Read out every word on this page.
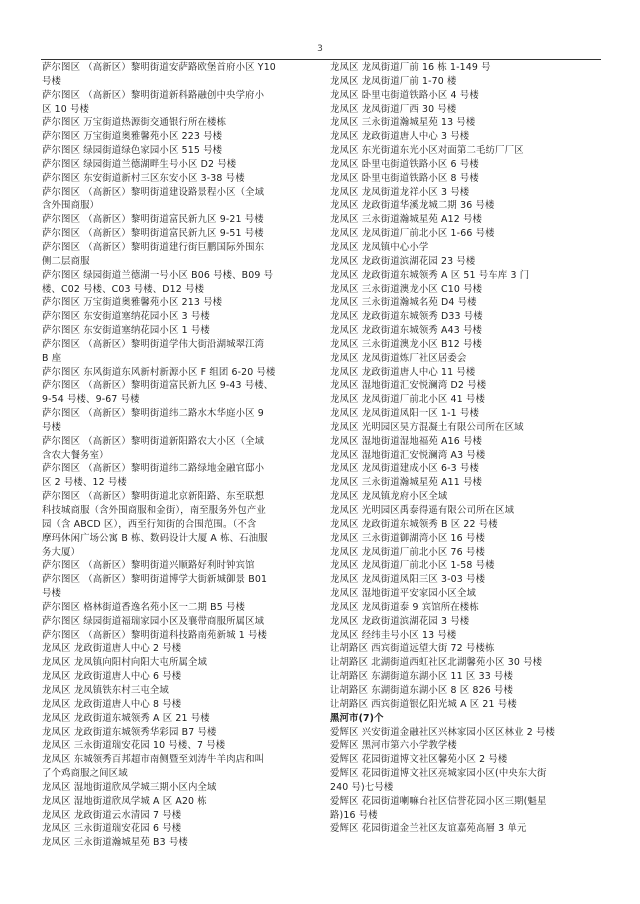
3
萨尔图区 （高新区）黎明街道安萨路欧堡首府小区 Y10
号楼
萨尔图区 （高新区）黎明街道新科路融创中央学府小
区 10 号楼
萨尔图区 万宝街道热源街交通银行所在楼栋
萨尔图区 万宝街道奥雅馨苑小区 223 号楼
萨尔图区 绿园街道绿色家园小区 515 号楼
萨尔图区 绿园街道兰德湖畔生号小区 D2 号楼
萨尔图区 东安街道新村三区东安小区 3-38 号楼
萨尔图区 （高新区）黎明街道建设路景程小区（全域
含外围商服）
萨尔图区 （高新区）黎明街道富民新九区 9-21 号楼
萨尔图区 （高新区）黎明街道富民新九区 9-51 号楼
萨尔图区 （高新区）黎明街道建行街巨鹏国际外围东
侧二层商服
萨尔图区 绿园街道兰德湖一号小区 B06 号楼、B09 号
楼、C02 号楼、C03 号楼、D12 号楼
萨尔图区 万宝街道奥雅馨苑小区 213 号楼
萨尔图区 东安街道塞纳花园小区 3 号楼
萨尔图区 东安街道塞纳花园小区 1 号楼
萨尔图区 （高新区）黎明街道学伟大街沿湖城翠江湾
B 座
萨尔图区 东风街道东风新村新源小区 F 组团 6-20 号楼
萨尔图区 （高新区）黎明街道富民新九区 9-43 号楼、
9-54 号楼、9-67 号楼
萨尔图区 （高新区）黎明街道纬二路水木华庭小区 9
号楼
萨尔图区 （高新区）黎明街道新阳路农大小区（全域
含农大餐务室）
萨尔图区 （高新区）黎明街道纬二路绿地金融官邸小
区 2 号楼、12 号楼
萨尔图区 （高新区）黎明街道北京新阳路、东至联想
科技城商服（含外围商服和金街），南至服务外包产业
园（含 ABCD 区），西至行知街的合围范围。（不含
摩玛休闲广场公寓 B 栋、数码设计大厦 A 栋、石油服
务大厦）
萨尔图区 （高新区）黎明街道兴顺路好利时钟宾馆
萨尔图区 （高新区）黎明街道博学大街新城御景 B01
号楼
萨尔图区 格林街道香逸名苑小区一二期 B5 号楼
萨尔图区 绿园街道福瑞家园小区及襄带商服所属区域
萨尔图区 （高新区）黎明街道科技路南苑新城 1 号楼
龙凤区 龙政街道唐人中心 2 号楼
龙凤区 龙凤镇向阳村向阳大屯所属全域
龙凤区 龙政街道唐人中心 6 号楼
龙凤区 龙凤镇铁东村三屯全域
龙凤区 龙政街道唐人中心 8 号楼
龙凤区 龙政街道东城领秀 A 区 21 号楼
龙凤区 龙政街道东城领秀华彩园 B7 号楼
龙凤区 三永街道瑞安花园 10 号楼、7 号楼
龙凤区 东城领秀百邦超市南侧暨至刘涛牛羊肉店和叫
了个鸡商服之间区域
龙凤区 湿地街道欣凤学城三期小区内全域
龙凤区 湿地街道欣凤学城 A 区 A20 栋
龙凤区 龙政街道云水清园 7 号楼
龙凤区 三永街道瑞安花园 6 号楼
龙凤区 三永街道瀚城星苑 B3 号楼
龙凤区 龙凤街道厂前 16 栋 1-149 号
龙凤区 龙凤街道厂前 1-70 楼
龙凤区 卧里屯街道铁路小区 4 号楼
龙凤区 龙凤街道厂西 30 号楼
龙凤区 三永街道瀚城星苑 13 号楼
龙凤区 龙政街道唐人中心 3 号楼
龙凤区 东光街道东光小区对面第二毛纺厂厂区
龙凤区 卧里屯街道铁路小区 6 号楼
龙凤区 卧里屯街道铁路小区 8 号楼
龙凤区 龙凤街道龙祥小区 3 号楼
龙凤区 龙政街道华溪龙城二期 36 号楼
龙凤区 三永街道瀚城星苑 A12 号楼
龙凤区 龙凤街道厂前北小区 1-66 号楼
龙凤区 龙凤镇中心小学
龙凤区 龙政街道滨湖花园 23 号楼
龙凤区 龙政街道东城领秀 A 区 51 号车库 3 门
龙凤区 三永街道澳龙小区 C10 号楼
龙凤区 三永街道瀚城名苑 D4 号楼
龙凤区 龙政街道东城领秀 D33 号楼
龙凤区 龙政街道东城领秀 A43 号楼
龙凤区 三永街道澳龙小区 B12 号楼
龙凤区 龙凤街道炼厂社区居委会
龙凤区 龙政街道唐人中心 11 号楼
龙凤区 湿地街道汇安悦澜湾 D2 号楼
龙凤区 龙凤街道厂前北小区 41 号楼
龙凤区 龙凤街道凤阳一区 1-1 号楼
龙凤区 光明园区昊方混凝土有限公司所在区域
龙凤区 湿地街道湿地福苑 A16 号楼
龙凤区 湿地街道汇安悦澜湾 A3 号楼
龙凤区 龙凤街道建成小区 6-3 号楼
龙凤区 三永街道瀚城星苑 A11 号楼
龙凤区 龙凤镇龙府小区全域
龙凤区 光明园区禹泰得遥有限公司所在区域
龙凤区 龙政街道东城领秀 B 区 22 号楼
龙凤区 三永街道御湖湾小区 16 号楼
龙凤区 龙凤街道厂前北小区 76 号楼
龙凤区 龙凤街道厂前北小区 1-58 号楼
龙凤区 龙凤街道凤阳三区 3-03 号楼
龙凤区 湿地街道平安家园小区全域
龙凤区 龙凤街道泰 9 宾馆所在楼栋
龙凤区 龙政街道滨湖花园 3 号楼
龙凤区 经纬圭号小区 13 号楼
让胡路区 西宾街道远望大街 72 号楼栋
让胡路区 北湖街道西虹社区北湖馨苑小区 30 号楼
让胡路区 东湖街道东湖小区 11 区 33 号楼
让胡路区 东湖街道东湖小区 8 区 826 号楼
让胡路区 西宾街道银亿阳光城 A 区 21 号楼
黑河市(7)个
爱辉区 兴安街道金融社区兴林家园小区区林业 2 号楼
爱辉区 黑河市第六小学教学楼
爱辉区 花园街道博文社区馨苑小区 2 号楼
爱辉区 花园街道博文社区亮城家园小区(中央东大街
240 号)七号楼
爱辉区 花园街道喇嘛台社区信誉花园小区三期(魁星
路)16 号楼
爱辉区 花园街道金兰社区友谊嘉苑高層 3 单元
